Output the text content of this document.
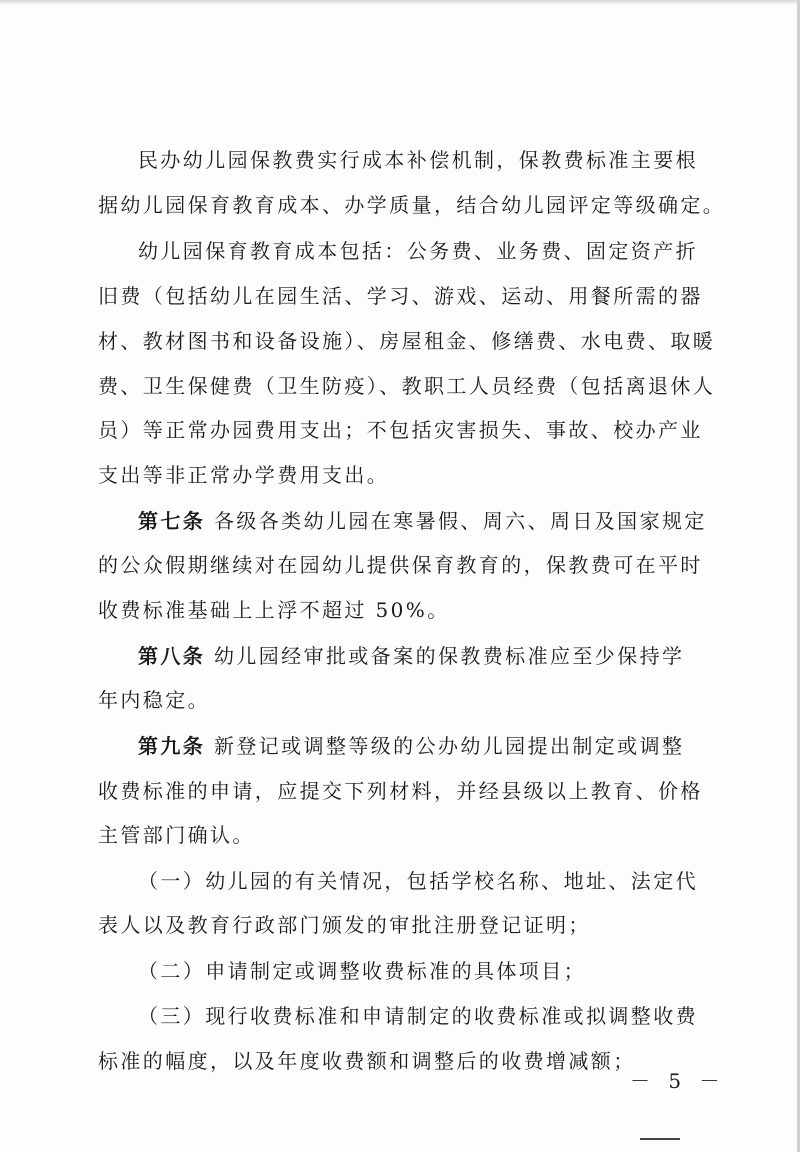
民办幼儿园保教费实行成本补偿机制，保教费标准主要根

据幼儿园保育教育成本、办学质量，结合幼儿园评定等级确定。

幼儿园保育教育成本包括：公务费、业务费、固定资产折

旧费（包括幼儿在园生活、学习、游戏、运动、用餐所需的器

材、教材图书和设备设施）、房屋租金、修缮费、水电费、取暖

费、卫生保健费（卫生防疫）、教职工人员经费（包括离退休人

员）等正常办园费用支出；不包括灾害损失、事故、校办产业

支出等非正常办学费用支出。

第七条 各级各类幼儿园在寒暑假、周六、周日及国家规定

的公众假期继续对在园幼儿提供保育教育的，保教费可在平时

收费标准基础上上浮不超过 50%。

第八条 幼儿园经审批或备案的保教费标准应至少保持学

年内稳定。

第九条 新登记或调整等级的公办幼儿园提出制定或调整

收费标准的申请，应提交下列材料，并经县级以上教育、价格

主管部门确认。

（一）幼儿园的有关情况，包括学校名称、地址、法定代

表人以及教育行政部门颁发的审批注册登记证明；

（二）申请制定或调整收费标准的具体项目；

（三）现行收费标准和申请制定的收费标准或拟调整收费

标准的幅度，以及年度收费额和调整后的收费增减额；

－ 5 －
